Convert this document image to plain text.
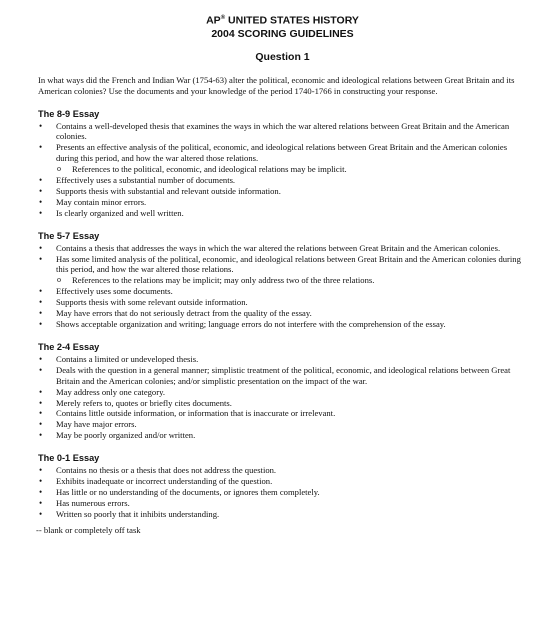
AP® UNITED STATES HISTORY
2004 SCORING GUIDELINES
Question 1
In what ways did the French and Indian War (1754-63) alter the political, economic and ideological relations between Great Britain and its American colonies? Use the documents and your knowledge of the period 1740-1766 in constructing your response.
The 8-9 Essay
• Contains a well-developed thesis that examines the ways in which the war altered relations between Great Britain and the American colonies.
• Presents an effective analysis of the political, economic, and ideological relations between Great Britain and the American colonies during this period, and how the war altered those relations.
o References to the political, economic, and ideological relations may be implicit.
• Effectively uses a substantial number of documents.
• Supports thesis with substantial and relevant outside information.
• May contain minor errors.
• Is clearly organized and well written.
The 5-7 Essay
• Contains a thesis that addresses the ways in which the war altered the relations between Great Britain and the American colonies.
• Has some limited analysis of the political, economic, and ideological relations between Great Britain and the American colonies during this period, and how the war altered those relations.
o References to the relations may be implicit; may only address two of the three relations.
• Effectively uses some documents.
• Supports thesis with some relevant outside information.
• May have errors that do not seriously detract from the quality of the essay.
• Shows acceptable organization and writing; language errors do not interfere with the comprehension of the essay.
The 2-4 Essay
• Contains a limited or undeveloped thesis.
• Deals with the question in a general manner; simplistic treatment of the political, economic, and ideological relations between Great Britain and the American colonies; and/or simplistic presentation on the impact of the war.
• May address only one category.
• Merely refers to, quotes or briefly cites documents.
• Contains little outside information, or information that is inaccurate or irrelevant.
• May have major errors.
• May be poorly organized and/or written.
The 0-1 Essay
• Contains no thesis or a thesis that does not address the question.
• Exhibits inadequate or incorrect understanding of the question.
• Has little or no understanding of the documents, or ignores them completely.
• Has numerous errors.
• Written so poorly that it inhibits understanding.
-- blank or completely off task
